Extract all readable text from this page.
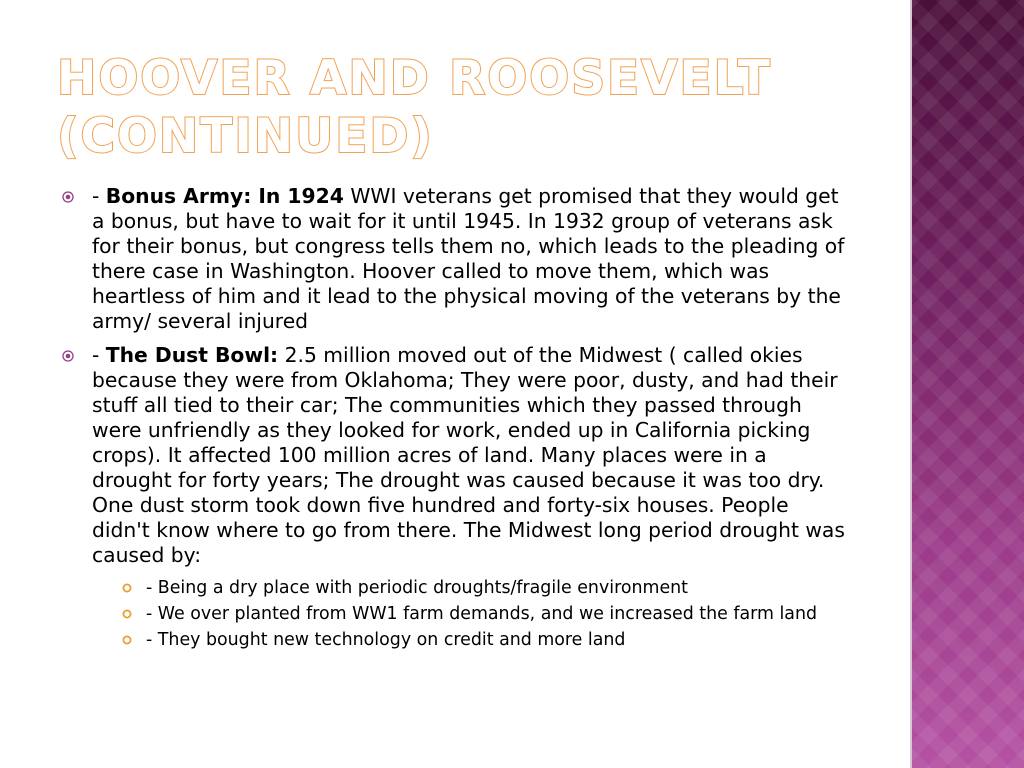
HOOVER AND ROOSEVELT
(CONTINUED)
- Bonus Army: In 1924 WWI veterans get promised that they would get a bonus, but have to wait for it until 1945. In 1932 group of veterans ask for their bonus, but congress tells them no, which leads to the pleading of there case in Washington. Hoover called to move them, which was heartless of him and it lead to the physical moving of the veterans by the army/ several injured
- The Dust Bowl: 2.5 million moved out of the Midwest ( called okies because they were from Oklahoma; They were poor, dusty, and had their stuff all tied to their car; The communities which they passed through were unfriendly as they looked for work, ended up in California picking crops). It affected 100 million acres of land. Many places were in a drought for forty years; The drought was caused because it was too dry. One dust storm took down five hundred and forty-six houses. People didn't know where to go from there. The Midwest long period drought was caused by:
- Being a dry place with periodic droughts/fragile environment
- We over planted from WW1 farm demands, and we increased the farm land
- They bought new technology on credit and more land
